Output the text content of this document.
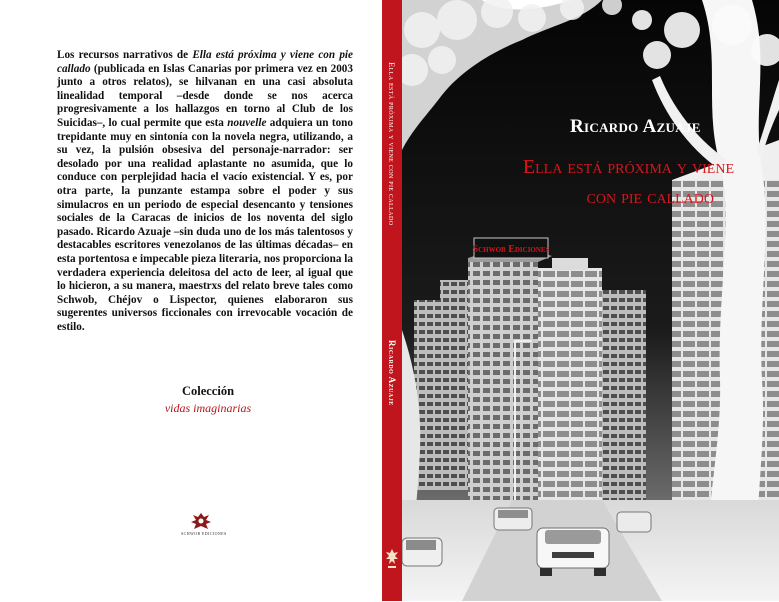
Los recursos narrativos de Ella está próxima y viene con pie callado (publicada en Islas Canarias por primera vez en 2003 junto a otros relatos), se hilvanan en una casi absoluta linealidad temporal –desde donde se nos acerca progresivamente a los hallazgos en torno al Club de los Suicidas–, lo cual permite que esta nouvelle adquiera un tono trepidante muy en sintonía con la novela negra, utilizando, a su vez, la pulsión obsesiva del personaje-narrador: ser desolado por una realidad aplastante no asumida, que lo conduce con perplejidad hacia el vacío existencial. Y es, por otra parte, la punzante estampa sobre el poder y sus simulacros en un periodo de especial desencanto y tensiones sociales de la Caracas de inicios de los noventa del siglo pasado. Ricardo Azuaje –sin duda uno de los más talentosos y destacables escritores venezolanos de las últimas décadas– en esta portentosa e impecable pieza literaria, nos proporciona la verdadera experiencia deleitosa del acto de leer, al igual que lo hicieron, a su manera, maestrxs del relato breve tales como Schwob, Chéjov o Lispector, quienes elaboraron sus sugerentes universos ficcionales con irrevocable vocación de estilo.

Colección
vidas imaginarias
SCHWOB EDICIONES
Ella está próxima y viene con pie callado
Ricardo Azuaje
Schwob Ediciones
Ricardo Azuaje
Ella está próxima y viene
con pie callado
